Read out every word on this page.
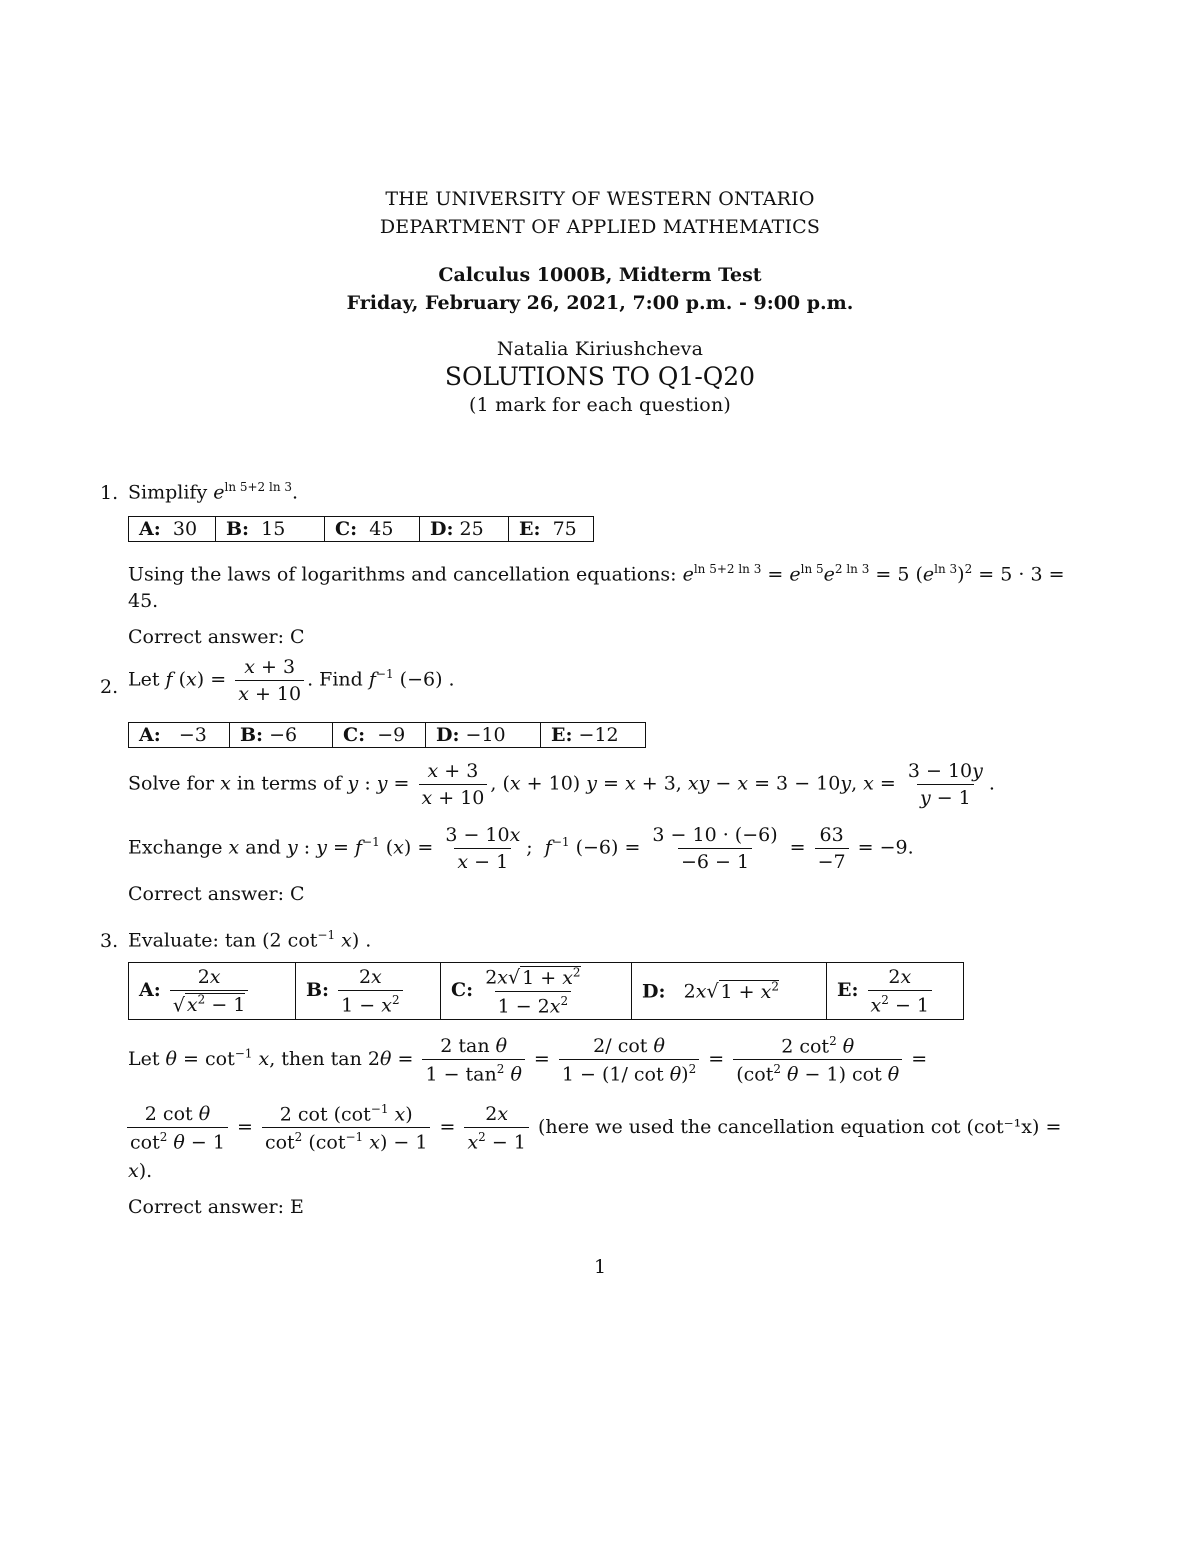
THE UNIVERSITY OF WESTERN ONTARIO
DEPARTMENT OF APPLIED MATHEMATICS
Calculus 1000B, Midterm Test
Friday, February 26, 2021, 7:00 p.m. - 9:00 p.m.
Natalia Kiriushcheva
SOLUTIONS TO Q1-Q20
(1 mark for each question)
1. Simplify $e^{ln 5+2 ln 3}$.
A: 30	B: 15	C: 45	D: 25	E: 75
Using the laws of logarithms and cancellation equations: $e^{ln 5+2 ln 3} = e^{ln 5}e^{2 ln 3} = 5$ $(e^{ln 3})^2 = 5 \cdot 3$ =
45.
Correct answer: C
2. Let f $(x) = \frac{x + 3}{x + 10}$ . Find $f^{-1}$ (−6) .
A: −3	B: −6	C: −9	D: −10	E: −12
Solve for x in terms of y : $y = \frac{x + 3}{x + 10}$ , (x + 10) y = x + 3, xy − x = 3 − 10y, $x = \frac{3 - 10y}{y - 1}$ .
Exchange x and y : $y = f^{-1}$ $(x) = \frac{3 - 10x}{x - 1}$ ;  $f^{-1}$ $(-6) = \frac{3 - 10 \cdot (-6)}{-6 - 1} = \frac{63}{-7} = -9$.
Correct answer: C
3. Evaluate: tan (2 $\cot^{-1} x$) .
A: $\frac{2x}{√ x^2 - 1}$	B: $\frac{2x}{1 - x^2}$	C: $\frac{2x√ 1 + x^2}{1 - 2x^2}$	D:   2x√ $1 + x^2$	E: $\frac{2x}{x^2 - 1}$
Let $\theta = \cot^{-1} x$, then $\tan 2\theta = \frac{\text{2 tan θ}}{1 - \tan^2 \theta} = \frac{\text{2/ cot θ}}{1 - (1/ \cot \theta)^2} = \frac{2 \cot^2 \theta}{(\cot^2 \theta - 1) \cot \theta}$ =
$\frac{\text{2 cot θ}}{\cot^2 \theta - 1} = \frac{2 \cot (\cot^{-1} x)}{\cot^2 (\cot^{-1} x) - 1} = \frac{2x}{x^2 - 1}$ (here we used the cancellation equation cot (cot⁻¹x) =
x).
Correct answer: E
1
